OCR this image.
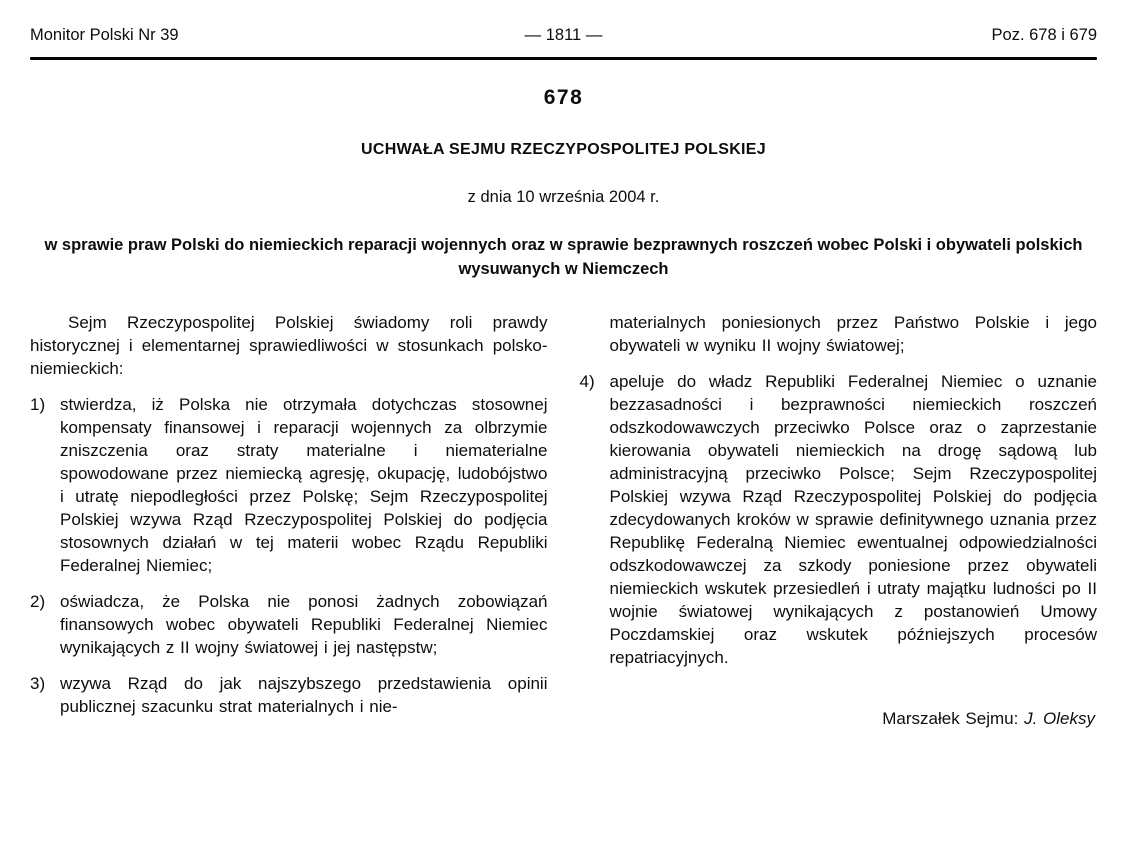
Monitor Polski Nr 39	— 1811 —	Poz. 678 i 679
678
UCHWAŁA SEJMU RZECZYPOSPOLITEJ POLSKIEJ
z dnia 10 września 2004 r.
w sprawie praw Polski do niemieckich reparacji wojennych oraz w sprawie bezprawnych roszczeń wobec Polski i obywateli polskich wysuwanych w Niemczech

Sejm Rzeczypospolitej Polskiej świadomy roli prawdy historycznej i elementarnej sprawiedliwości w stosunkach polsko-niemieckich:

1) stwierdza, iż Polska nie otrzymała dotychczas stosownej kompensaty finansowej i reparacji wojennych za olbrzymie zniszczenia oraz straty materialne i niematerialne spowodowane przez niemiecką agresję, okupację, ludobójstwo i utratę niepodległości przez Polskę; Sejm Rzeczypospolitej Polskiej wzywa Rząd Rzeczypospolitej Polskiej do podjęcia stosownych działań w tej materii wobec Rządu Republiki Federalnej Niemiec;
2) oświadcza, że Polska nie ponosi żadnych zobowiązań finansowych wobec obywateli Republiki Federalnej Niemiec wynikających z II wojny światowej i jej następstw;
3) wzywa Rząd do jak najszybszego przedstawienia opinii publicznej szacunku strat materialnych i nie-

materialnych poniesionych przez Państwo Polskie i jego obywateli w wyniku II wojny światowej;

4) apeluje do władz Republiki Federalnej Niemiec o uznanie bezzasadności i bezprawności niemieckich roszczeń odszkodowawczych przeciwko Polsce oraz o zaprzestanie kierowania obywateli niemieckich na drogę sądową lub administracyjną przeciwko Polsce; Sejm Rzeczypospolitej Polskiej wzywa Rząd Rzeczypospolitej Polskiej do podjęcia zdecydowanych kroków w sprawie definitywnego uznania przez Republikę Federalną Niemiec ewentualnej odpowiedzialności odszkodowawczej za szkody poniesione przez obywateli niemieckich wskutek przesiedleń i utraty majątku ludności po II wojnie światowej wynikających z postanowień Umowy Poczdamskiej oraz wskutek późniejszych procesów repatriacyjnych.

Marszałek Sejmu: J. Oleksy
